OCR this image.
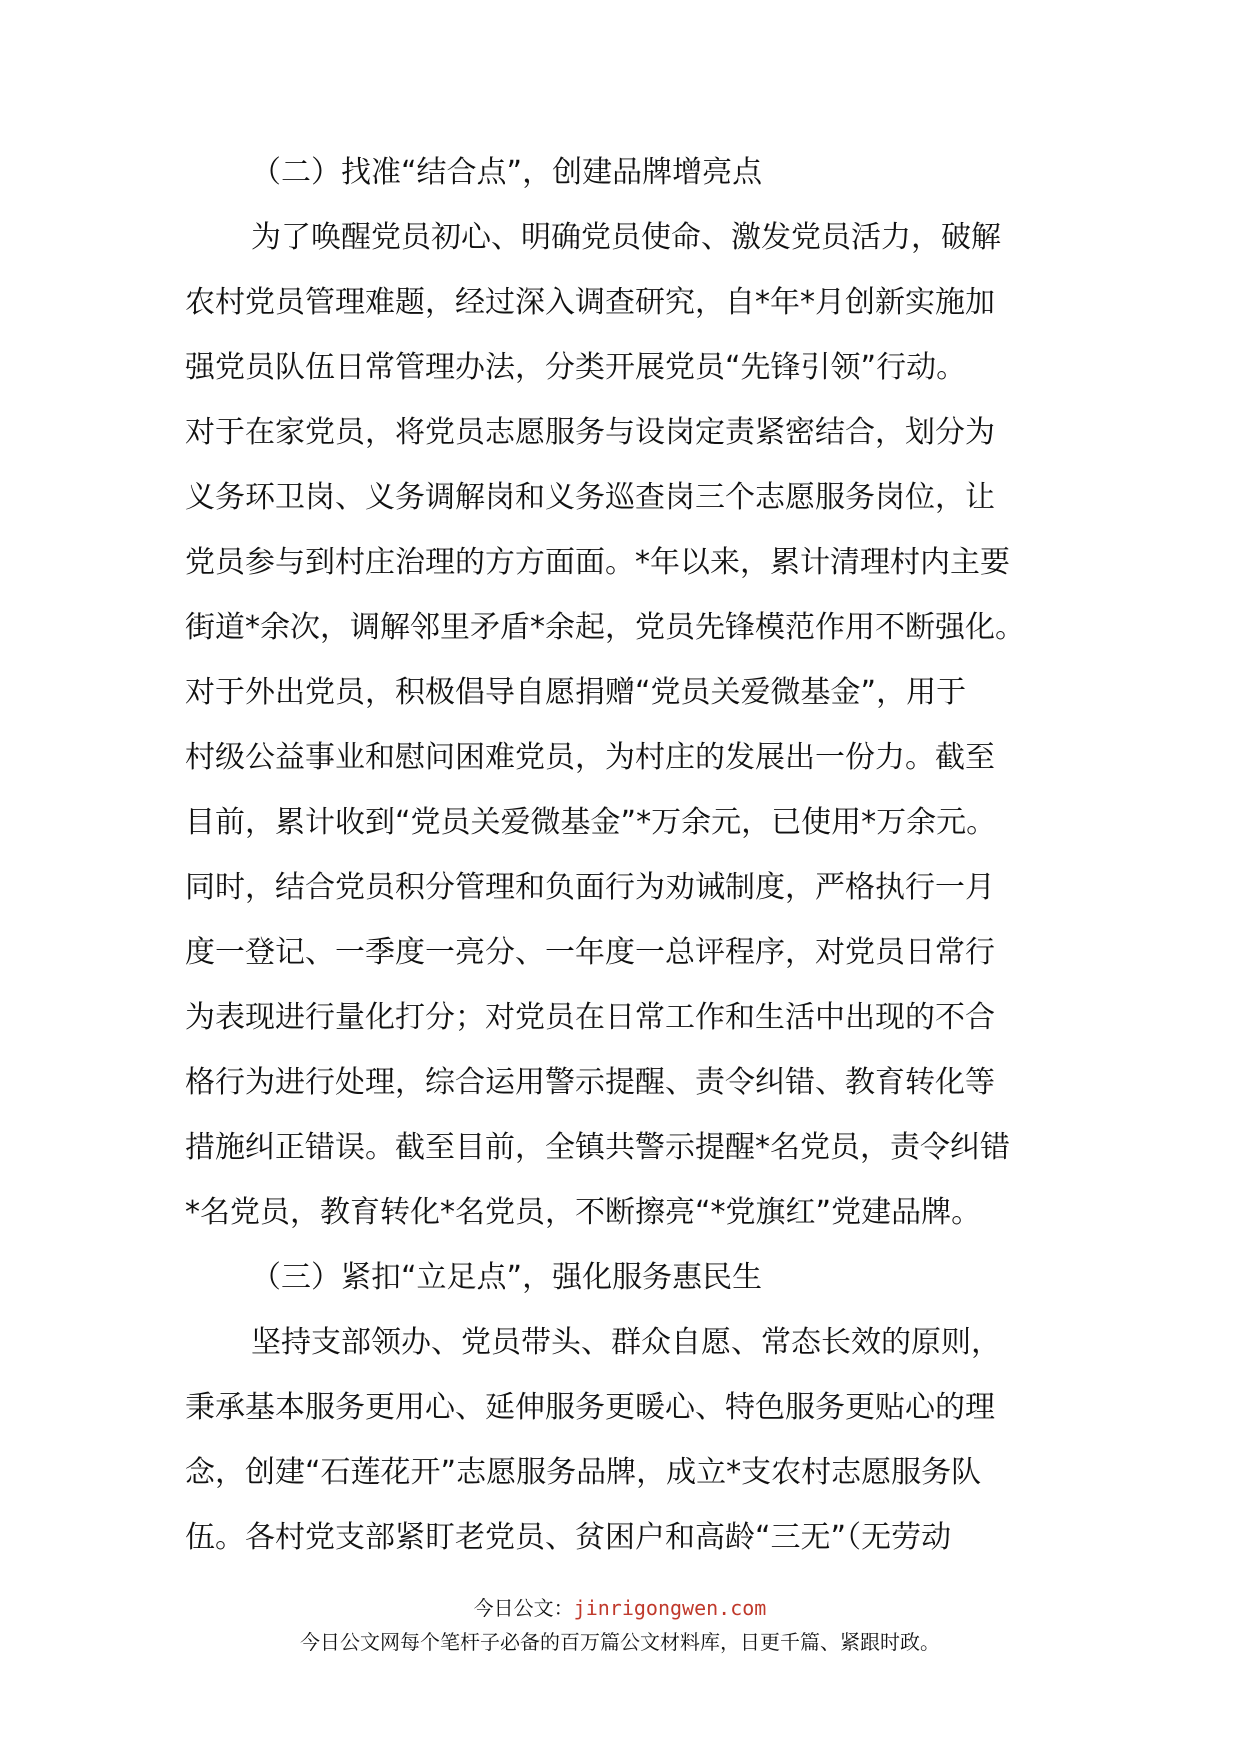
（二）找准“结合点”，创建品牌增亮点
为了唤醒党员初心、明确党员使命、激发党员活力，破解
农村党员管理难题，经过深入调查研究，自*年*月创新实施加
强党员队伍日常管理办法，分类开展党员“先锋引领”行动。
对于在家党员，将党员志愿服务与设岗定责紧密结合，划分为
义务环卫岗、义务调解岗和义务巡查岗三个志愿服务岗位，让
党员参与到村庄治理的方方面面。*年以来，累计清理村内主要
街道*余次，调解邻里矛盾*余起，党员先锋模范作用不断强化。
对于外出党员，积极倡导自愿捐赠“党员关爱微基金”，用于
村级公益事业和慰问困难党员，为村庄的发展出一份力。截至
目前，累计收到“党员关爱微基金”*万余元，已使用*万余元。
同时，结合党员积分管理和负面行为劝诫制度，严格执行一月
度一登记、一季度一亮分、一年度一总评程序，对党员日常行
为表现进行量化打分；对党员在日常工作和生活中出现的不合
格行为进行处理，综合运用警示提醒、责令纠错、教育转化等
措施纠正错误。截至目前，全镇共警示提醒*名党员，责令纠错
*名党员，教育转化*名党员，不断擦亮“*党旗红”党建品牌。
（三）紧扣“立足点”，强化服务惠民生
坚持支部领办、党员带头、群众自愿、常态长效的原则，
秉承基本服务更用心、延伸服务更暖心、特色服务更贴心的理
念，创建“石莲花开”志愿服务品牌，成立*支农村志愿服务队
伍。各村党支部紧盯老党员、贫困户和高龄“三无”（无劳动
今日公文：jinrigongwen.com
今日公文网每个笔杆子必备的百万篇公文材料库，日更千篇、紧跟时政。
